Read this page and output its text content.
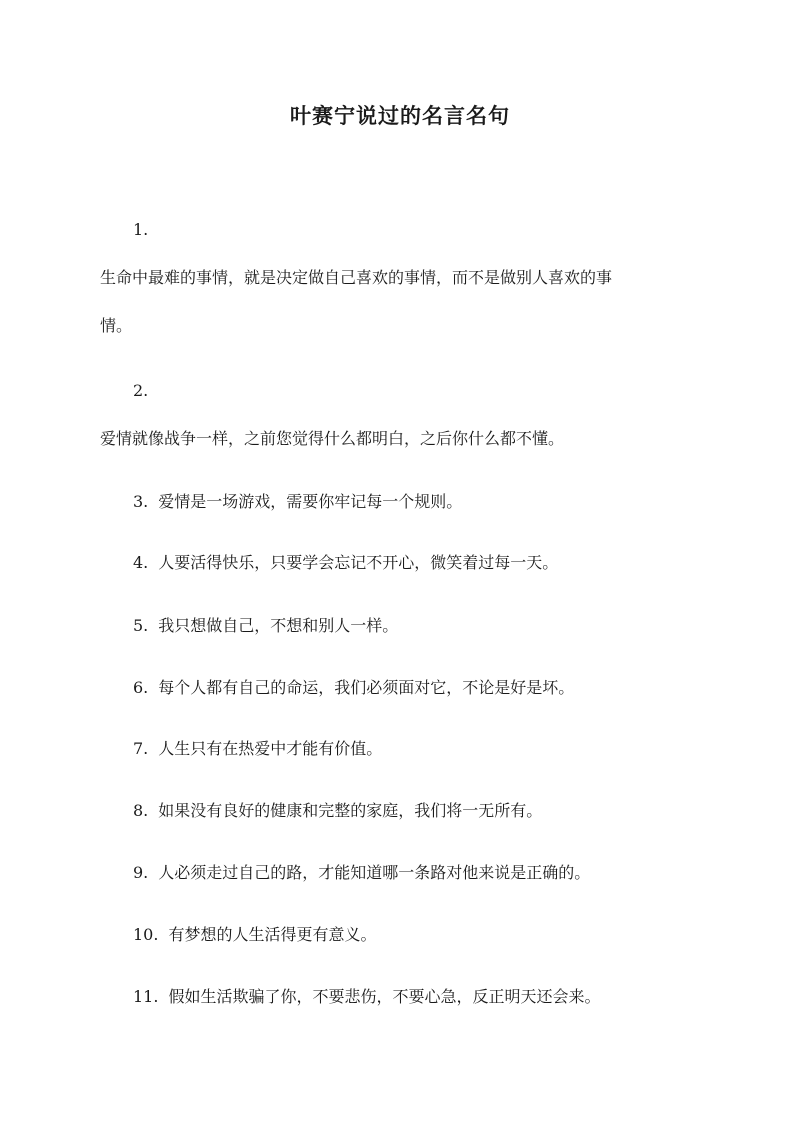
叶赛宁说过的名言名句
1.
生命中最难的事情，就是决定做自己喜欢的事情，而不是做别人喜欢的事
情。
2.
爱情就像战争一样，之前您觉得什么都明白，之后你什么都不懂。
3. 爱情是一场游戏，需要你牢记每一个规则。
4. 人要活得快乐，只要学会忘记不开心，微笑着过每一天。
5. 我只想做自己，不想和别人一样。
6. 每个人都有自己的命运，我们必须面对它，不论是好是坏。
7. 人生只有在热爱中才能有价值。
8. 如果没有良好的健康和完整的家庭，我们将一无所有。
9. 人必须走过自己的路，才能知道哪一条路对他来说是正确的。
10. 有梦想的人生活得更有意义。
11. 假如生活欺骗了你，不要悲伤，不要心急，反正明天还会来。
